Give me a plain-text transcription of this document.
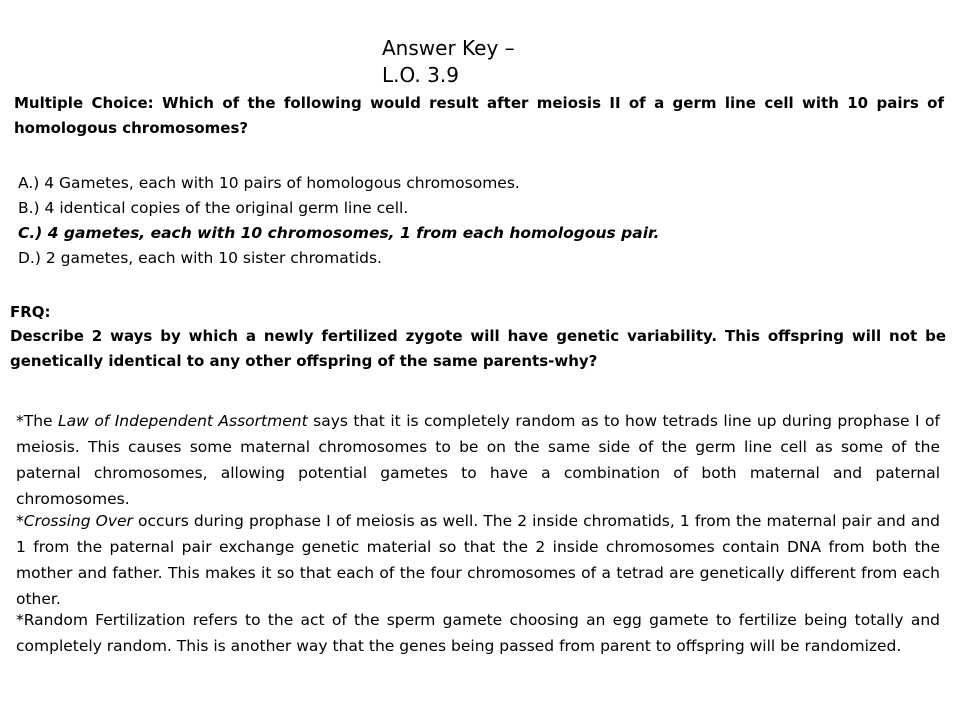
Answer Key –
L.O. 3.9
Multiple Choice: Which of the following would result after meiosis II of a germ line cell with 10 pairs of homologous chromosomes?
A.) 4 Gametes, each with 10 pairs of homologous chromosomes.
B.) 4 identical copies of the original germ line cell.
C.) 4 gametes, each with 10 chromosomes, 1 from each homologous pair.
D.) 2 gametes, each with 10 sister chromatids.
FRQ:
Describe 2 ways by which a newly fertilized zygote will have genetic variability. This offspring will not be genetically identical to any other offspring of the same parents-why?
*The Law of Independent Assortment says that it is completely random as to how tetrads line up during prophase I of meiosis. This causes some maternal chromosomes to be on the same side of the germ line cell as some of the paternal chromosomes, allowing potential gametes to have a combination of both maternal and paternal chromosomes.
*Crossing Over occurs during prophase I of meiosis as well. The 2 inside chromatids, 1 from the maternal pair and and 1 from the paternal pair exchange genetic material so that the 2 inside chromosomes contain DNA from both the mother and father. This makes it so that each of the four chromosomes of a tetrad are genetically different from each other.
*Random Fertilization refers to the act of the sperm gamete choosing an egg gamete to fertilize being totally and completely random. This is another way that the genes being passed from parent to offspring will be randomized.
